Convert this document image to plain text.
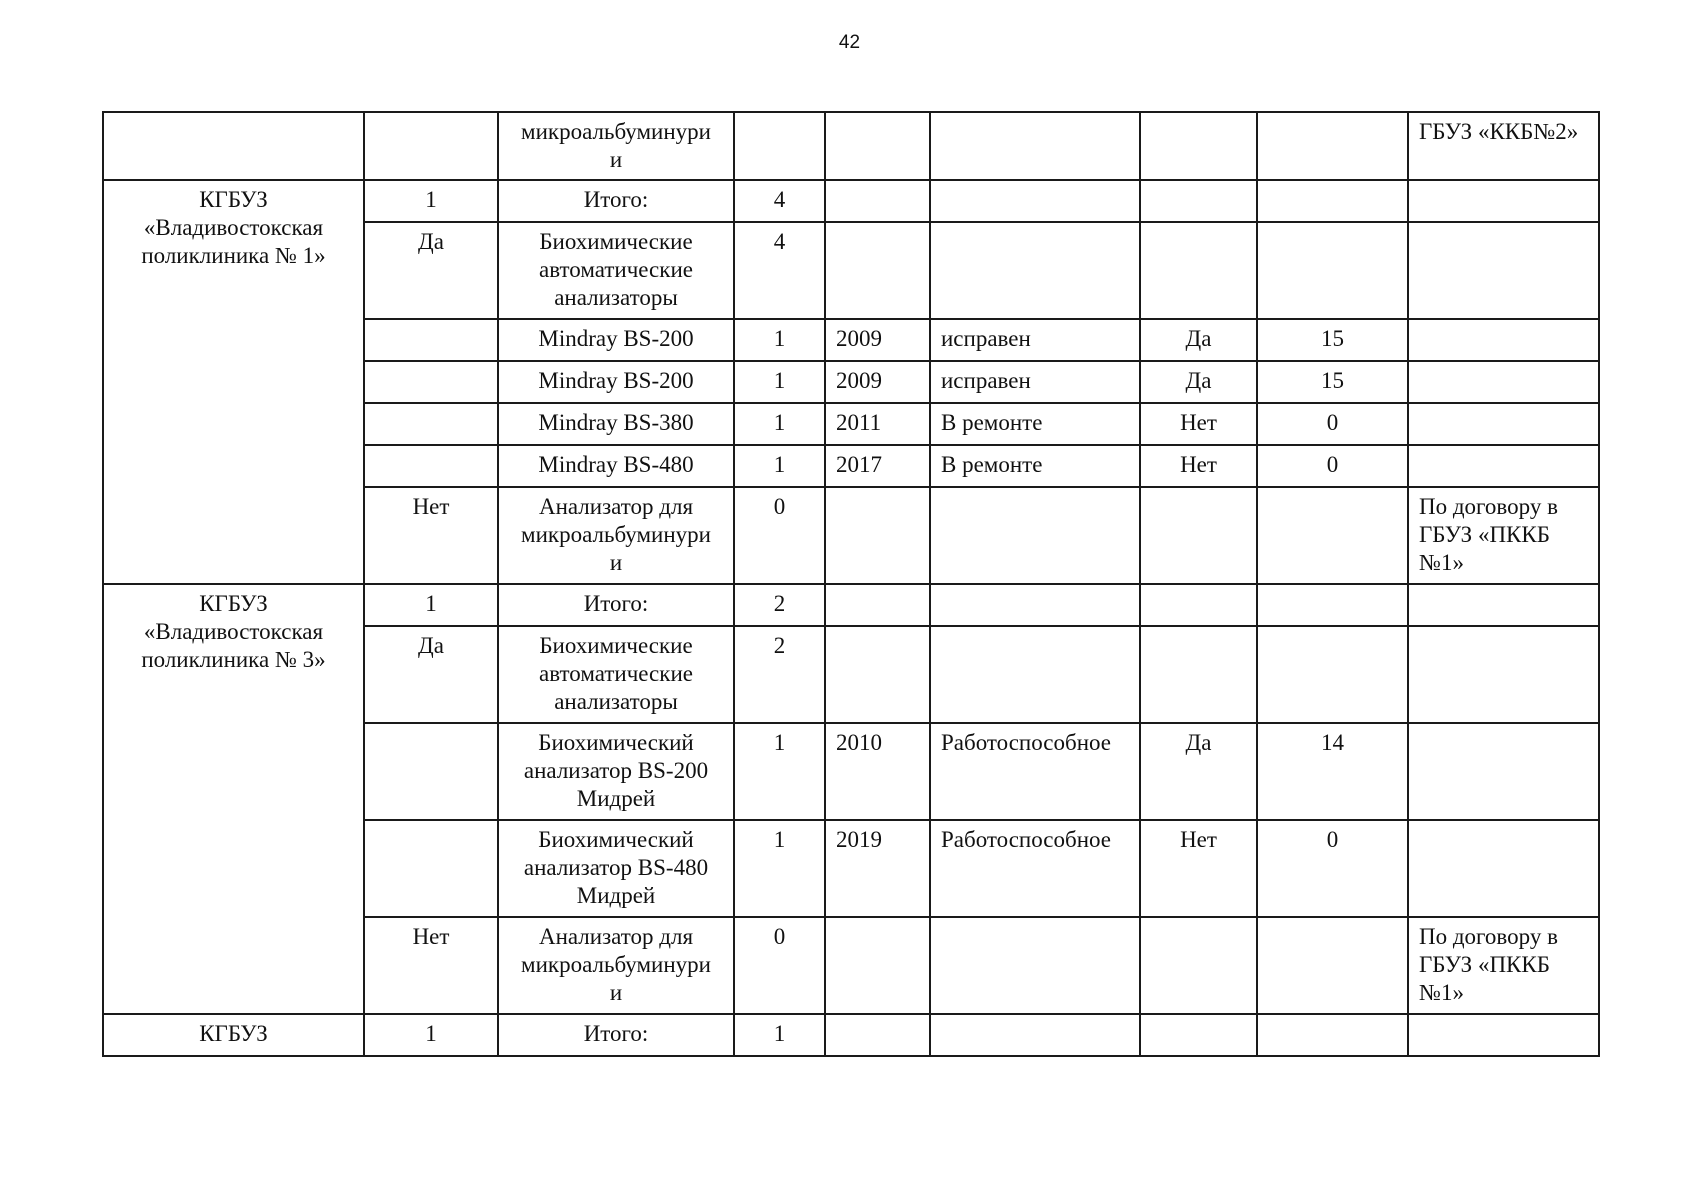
42
		микроальбуминури
и						ГБУЗ «ККБ№2»
КГБУЗ
«Владивостокская
поликлиника № 1»	1	Итого:	4					
	Да	Биохимические
автоматические
анализаторы	4					
		Mindray BS-200	1	2009	исправен	Да	15	
		Mindray BS-200	1	2009	исправен	Да	15	
		Mindray BS-380	1	2011	В ремонте	Нет	0	
		Mindray BS-480	1	2017	В ремонте	Нет	0	
	Нет	Анализатор для
микроальбуминури
и	0					По договору в
ГБУЗ «ПККБ
№1»
КГБУЗ
«Владивостокская
поликлиника № 3»	1	Итого:	2					
	Да	Биохимические
автоматические
анализаторы	2					
		Биохимический
анализатор BS-200
Мидрей	1	2010	Работоспособное	Да	14	
		Биохимический
анализатор BS-480
Мидрей	1	2019	Работоспособное	Нет	0	
	Нет	Анализатор для
микроальбуминури
и	0					По договору в
ГБУЗ «ПККБ
№1»
КГБУЗ	1	Итого:	1					
